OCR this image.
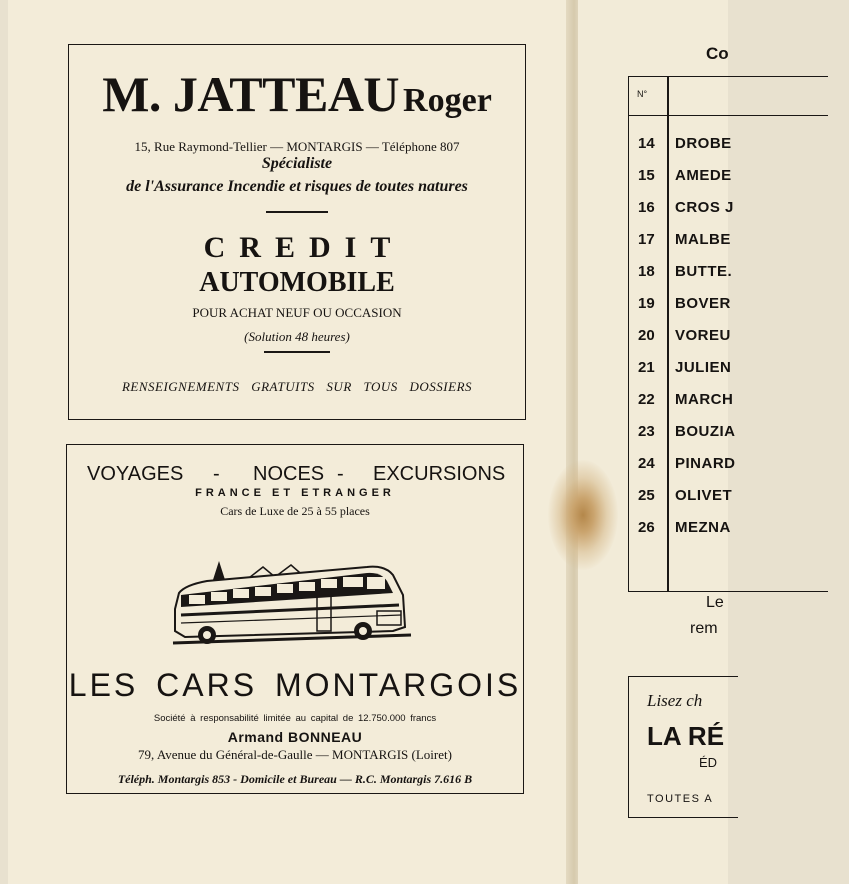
Co
N°
14	DROBE
15	AMEDE
16	CROS J
17	MALBE
18	BUTTE.
19	BOVER
20	VOREU
21	JULIEN
22	MARCH
23	BOUZIA
24	PINARD
25	OLIVET
26	MEZNA
Le
rem
Lisez ch
LA RÉ
ÉD
TOUTES A
M. JATTEAU Roger
15, Rue Raymond-Tellier — MONTARGIS — Téléphone 807
Spécialiste
de l'Assurance Incendie et risques de toutes natures
CREDIT
AUTOMOBILE
POUR ACHAT NEUF OU OCCASION
(Solution 48 heures)
RENSEIGNEMENTS GRATUITS SUR TOUS DOSSIERS
VOYAGES - NOCES - EXCURSIONS
FRANCE ET ETRANGER
Cars de Luxe de 25 à 55 places
LES CARS MONTARGOIS
Société à responsabilité limitée au capital de 12.750.000 francs
Armand BONNEAU
79, Avenue du Général-de-Gaulle — MONTARGIS (Loiret)
Téléph. Montargis 853 - Domicile et Bureau — R.C. Montargis 7.616 B
